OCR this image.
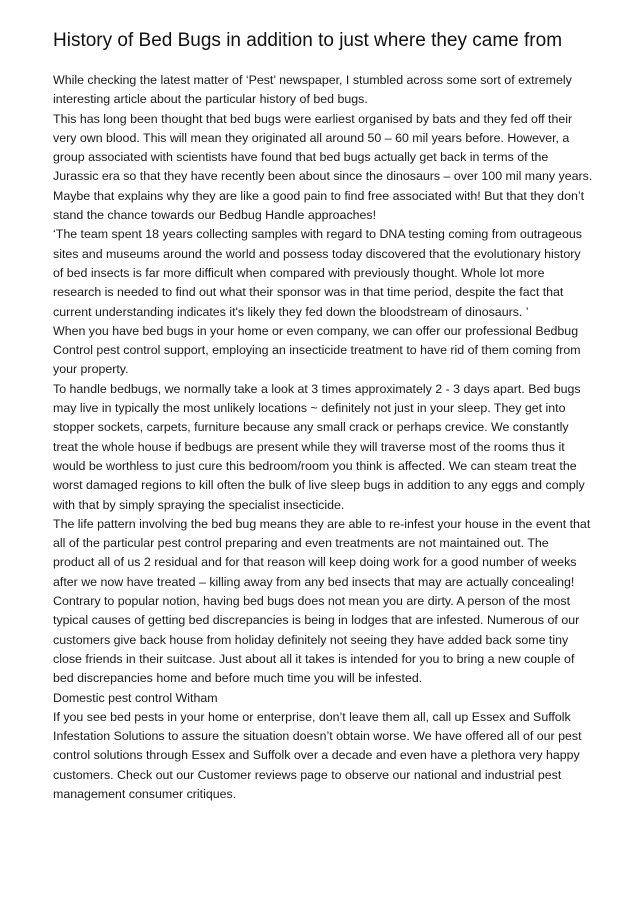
History of Bed Bugs in addition to just where they came from

While checking the latest matter of ‘Pest’ newspaper, I stumbled across some sort of extremely interesting article about the particular history of bed bugs.

This has long been thought that bed bugs were earliest organised by bats and they fed off their very own blood. This will mean they originated all around 50 – 60 mil years before. However, a group associated with scientists have found that bed bugs actually get back in terms of the Jurassic era so that they have recently been about since the dinosaurs – over 100 mil many years. Maybe that explains why they are like a good pain to find free associated with! But that they don’t stand the chance towards our Bedbug Handle approaches!

‘The team spent 18 years collecting samples with regard to DNA testing coming from outrageous sites and museums around the world and possess today discovered that the evolutionary history of bed insects is far more difficult when compared with previously thought. Whole lot more research is needed to find out what their sponsor was in that time period, despite the fact that current understanding indicates it's likely they fed down the bloodstream of dinosaurs. ’

When you have bed bugs in your home or even company, we can offer our professional Bedbug Control pest control support, employing an insecticide treatment to have rid of them coming from your property.

To handle bedbugs, we normally take a look at 3 times approximately 2 - 3 days apart. Bed bugs may live in typically the most unlikely locations ~ definitely not just in your sleep. They get into stopper sockets, carpets, furniture because any small crack or perhaps crevice. We constantly treat the whole house if bedbugs are present while they will traverse most of the rooms thus it would be worthless to just cure this bedroom/room you think is affected. We can steam treat the worst damaged regions to kill often the bulk of live sleep bugs in addition to any eggs and comply with that by simply spraying the specialist insecticide.

The life pattern involving the bed bug means they are able to re-infest your house in the event that all of the particular pest control preparing and even treatments are not maintained out. The product all of us 2 residual and for that reason will keep doing work for a good number of weeks after we now have treated – killing away from any bed insects that may are actually concealing!

Contrary to popular notion, having bed bugs does not mean you are dirty. A person of the most typical causes of getting bed discrepancies is being in lodges that are infested. Numerous of our customers give back house from holiday definitely not seeing they have added back some tiny close friends in their suitcase. Just about all it takes is intended for you to bring a new couple of bed discrepancies home and before much time you will be infested.

Domestic pest control Witham

If you see bed pests in your home or enterprise, don’t leave them all, call up Essex and Suffolk Infestation Solutions to assure the situation doesn’t obtain worse. We have offered all of our pest control solutions through Essex and Suffolk over a decade and even have a plethora very happy customers. Check out our Customer reviews page to observe our national and industrial pest management consumer critiques.
